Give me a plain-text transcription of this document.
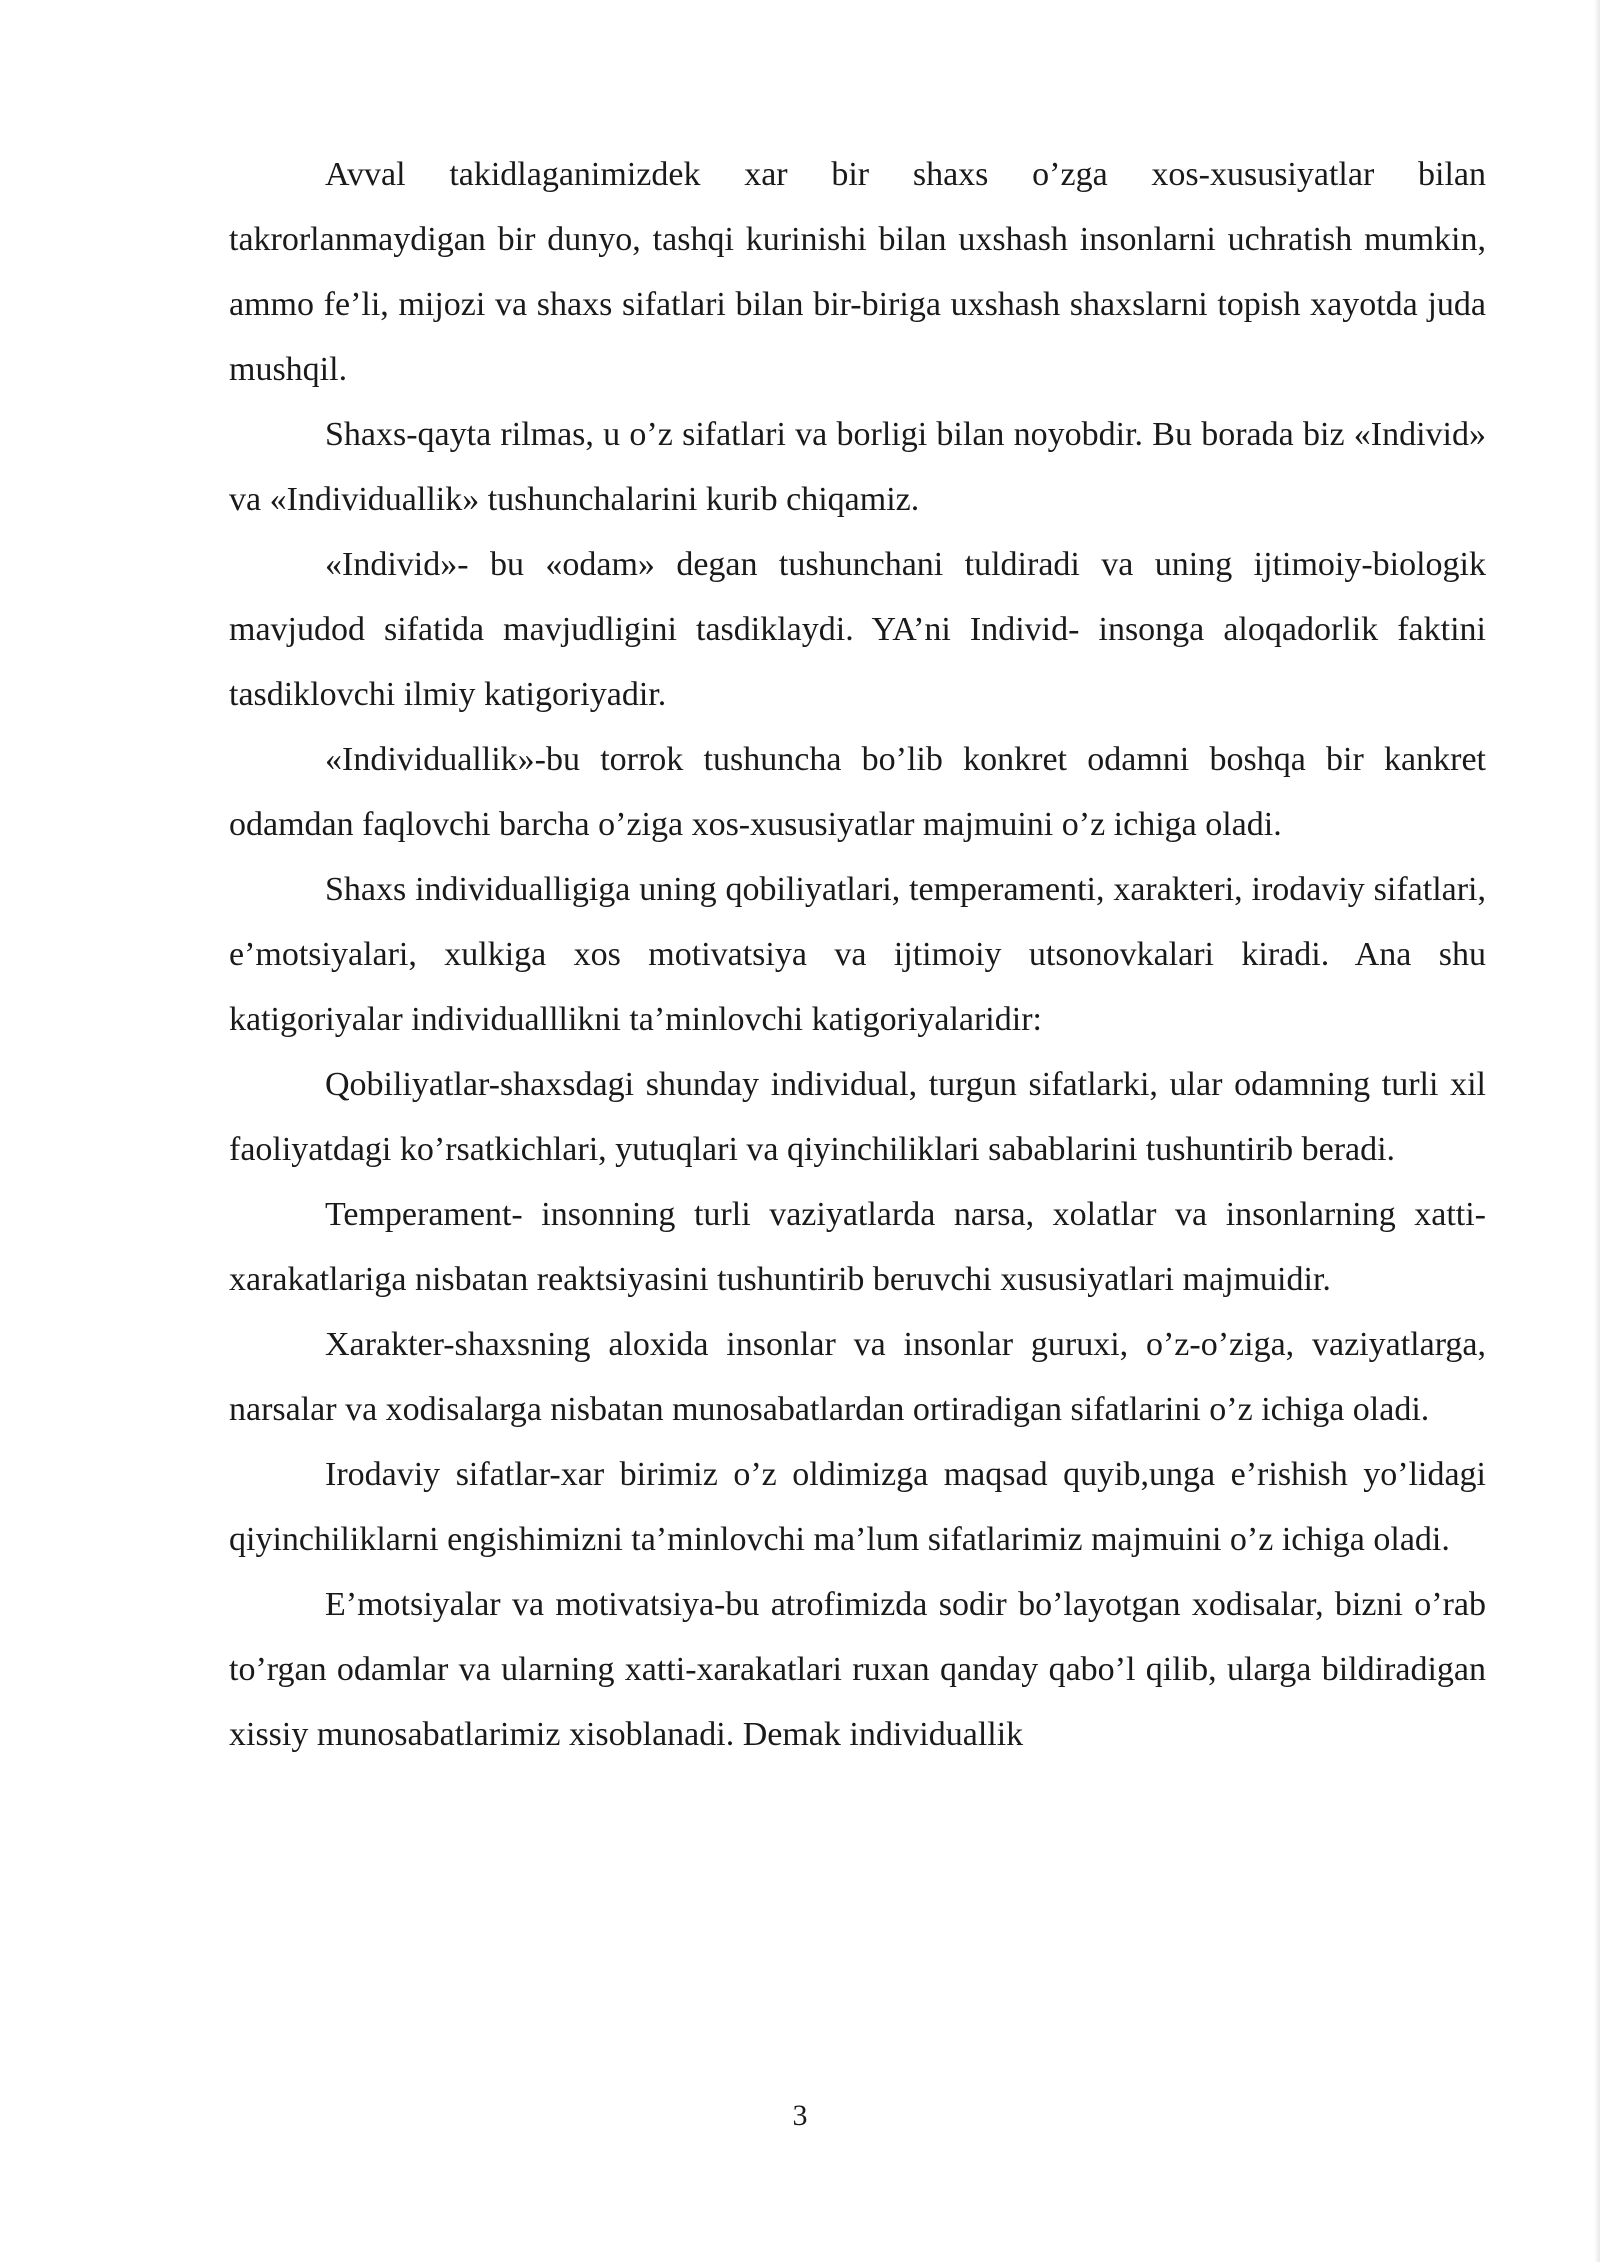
Avval takidlaganimizdek xar bir shaxs o’zga xos-xususiyatlar bilan takrorlanmaydigan bir dunyo, tashqi kurinishi bilan uxshash insonlarni uchratish mumkin, ammo fe’li, mijozi va shaxs sifatlari bilan bir-biriga uxshash shaxslarni topish xayotda juda mushqil.

Shaxs-qayta rilmas, u o’z sifatlari va borligi bilan noyobdir. Bu borada biz «Individ» va «Individuallik» tushunchalarini kurib chiqamiz.

«Individ»- bu «odam» degan tushunchani tuldiradi va uning ijtimoiy-biologik mavjudod sifatida mavjudligini tasdiklaydi. YA’ni Individ- insonga aloqadorlik faktini tasdiklovchi ilmiy katigoriyadir.

«Individuallik»-bu torrok tushuncha bo’lib konkret odamni boshqa bir kankret odamdan faqlovchi barcha o’ziga xos-xususiyatlar majmuini o’z ichiga oladi.

Shaxs individualligiga uning qobiliyatlari, temperamenti, xarakteri, irodaviy sifatlari, e’motsiyalari, xulkiga xos motivatsiya va ijtimoiy utsonovkalari kiradi. Ana shu katigoriyalar individualllikni ta’minlovchi katigoriyalaridir:

Qobiliyatlar-shaxsdagi shunday individual, turgun sifatlarki, ular odamning turli xil faoliyatdagi ko’rsatkichlari, yutuqlari va qiyinchiliklari sabablarini tushuntirib beradi.

Temperament- insonning turli vaziyatlarda narsa, xolatlar va insonlarning xatti-xarakatlariga nisbatan reaktsiyasini tushuntirib beruvchi xususiyatlari majmuidir.

Xarakter-shaxsning aloxida insonlar va insonlar guruxi, o’z-o’ziga, vaziyatlarga, narsalar va xodisalarga nisbatan munosabatlardan ortiradigan sifatlarini o’z ichiga oladi.

Irodaviy sifatlar-xar birimiz o’z oldimizga maqsad quyib,unga e’rishish yo’lidagi qiyinchiliklarni engishimizni ta’minlovchi ma’lum sifatlarimiz majmuini o’z ichiga oladi.

E’motsiyalar va motivatsiya-bu atrofimizda sodir bo’layotgan xodisalar, bizni o’rab to’rgan odamlar va ularning xatti-xarakatlari ruxan qanday qabo’l qilib, ularga bildiradigan xissiy munosabatlarimiz xisoblanadi. Demak individuallik

3
